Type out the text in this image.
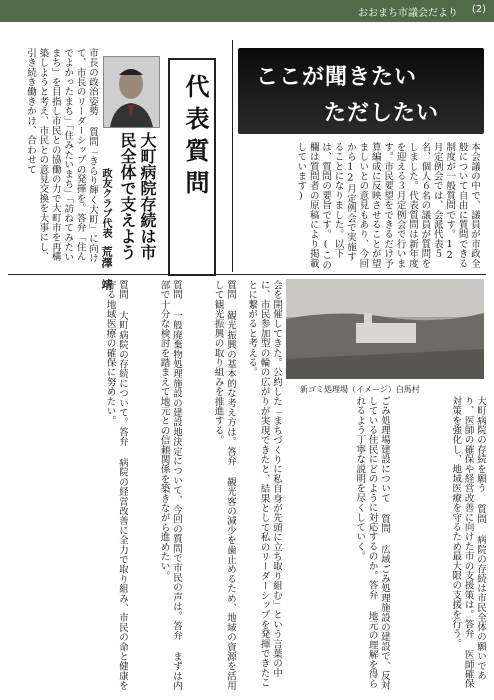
おおまち市議会だより (2)
ここが聞きたい
ただしたい
本会議の中で、議員が市政全般について自由に質問できる制度が一般質問です。12月定例会では、会派代表５名、個人６名の議員が質問をしました。代表質問は新年度を迎える３月定例会で行います。市民要望をできるだけ予算編成に反映させることが望ましいとの意見もあり、今回から12月定例会で実施することになりました。以下は、質問の要旨です。(この欄は質問者の原稿により掲載しています)
代表質問
大町病院存続は市
民全体で支えよう
政友クラブ代表
荒澤　靖
市長の政治姿勢 質問「きらり輝く大町」に向けて、市長のリーダーシップの発揮を。答弁「住んでよかったまち」「住みたいまち」「訪ねてみたいまち」を目指し市民との協働の力で大町市を再構築しようと考え、市民との意見交換を大事にし、引き続き働きかけ、合わせて
会を開催してきた。公約した「まちづくりに私自身が先頭に立ち取り組む」という言葉の中に、市民参加型の輪の広がりが実現できたと、結果として私のリーダーシップを発揮できたことに繋がると考える。
質問 観光振興の基本的な考え方は。答弁 観光客の減少を歯止めるため、地域の資源を活用して観光振興の取り組みを推進する。
質問 一般廃棄物処理施設の建設地決定について、今回の質問で市民の声は。答弁 まずは内部で十分な検討を踏まえて地元との信頼関係を築きながら進めたい。
質問 大町病院の存続について。答弁 病院の経営改善に全力で取り組み、市民の命と健康を守る地域医療の確保に努めたい。	新ゴミ処理場（イメージ）白馬村
ごみ処理場建設について 質問 広域ごみ処理施設の建設で、反対している住民にどのように対応するのか。答弁 地元の理解を得られるよう丁寧な説明を尽くしていく。	大町病院の存続を願う 質問 病院の存続は市民全体の願いであり、医師の確保や経営改善に向けた市の支援策は。答弁 医師確保対策を強化し、地域医療を守るため最大限の支援を行う。
